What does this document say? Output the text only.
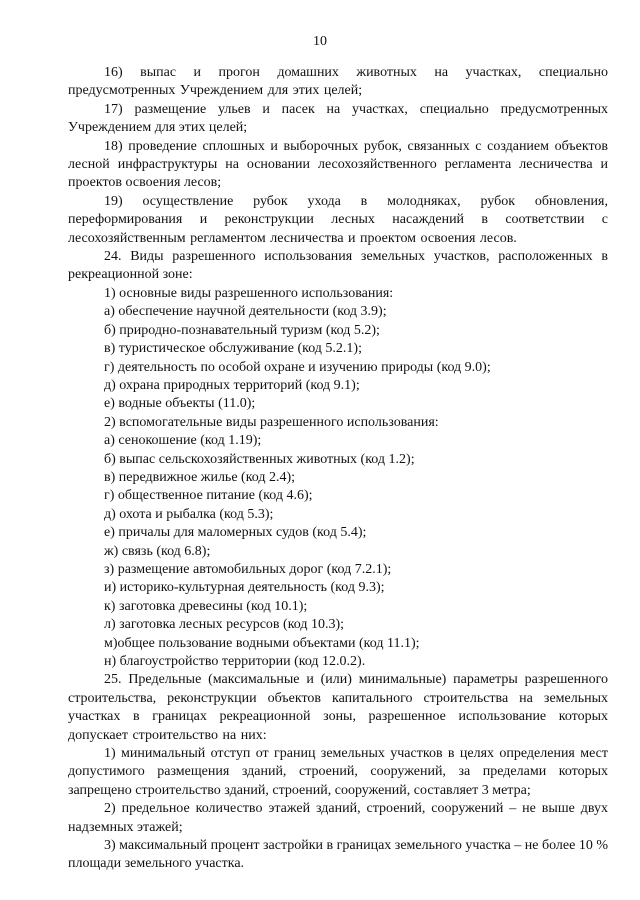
10

16) выпас и прогон домашних животных на участках, специально предусмотренных Учреждением для этих целей;

17) размещение ульев и пасек на участках, специально предусмотренных Учреждением для этих целей;

18) проведение сплошных и выборочных рубок, связанных с созданием объектов лесной инфраструктуры на основании лесохозяйственного регламента лесничества и проектов освоения лесов;

19) осуществление рубок ухода в молодняках, рубок обновления, переформирования и реконструкции лесных насаждений в соответствии с лесохозяйственным регламентом лесничества и проектом освоения лесов.

24. Виды разрешенного использования земельных участков, расположенных в рекреационной зоне:

1) основные виды разрешенного использования:

а) обеспечение научной деятельности (код 3.9);

б) природно-познавательный туризм (код 5.2);

в) туристическое обслуживание (код 5.2.1);

г) деятельность по особой охране и изучению природы (код 9.0);

д) охрана природных территорий (код 9.1);

е) водные объекты (11.0);

2) вспомогательные виды разрешенного использования:

а) сенокошение (код 1.19);

б) выпас сельскохозяйственных животных (код 1.2);

в) передвижное жилье (код 2.4);

г) общественное питание (код 4.6);

д) охота и рыбалка (код 5.3);

е) причалы для маломерных судов (код 5.4);

ж) связь (код 6.8);

з) размещение автомобильных дорог (код 7.2.1);

и) историко-культурная деятельность (код 9.3);

к) заготовка древесины (код 10.1);

л) заготовка лесных ресурсов (код 10.3);

м)общее пользование водными объектами (код 11.1);

н) благоустройство территории (код 12.0.2).

25. Предельные (максимальные и (или) минимальные) параметры разрешенного строительства, реконструкции объектов капитального строительства на земельных участках в границах рекреационной зоны, разрешенное использование которых допускает строительство на них:

1) минимальный отступ от границ земельных участков в целях определения мест допустимого размещения зданий, строений, сооружений, за пределами которых запрещено строительство зданий, строений, сооружений, составляет 3 метра;

2) предельное количество этажей зданий, строений, сооружений – не выше двух надземных этажей;

3) максимальный процент застройки в границах земельного участка – не более 10 % площади земельного участка.
